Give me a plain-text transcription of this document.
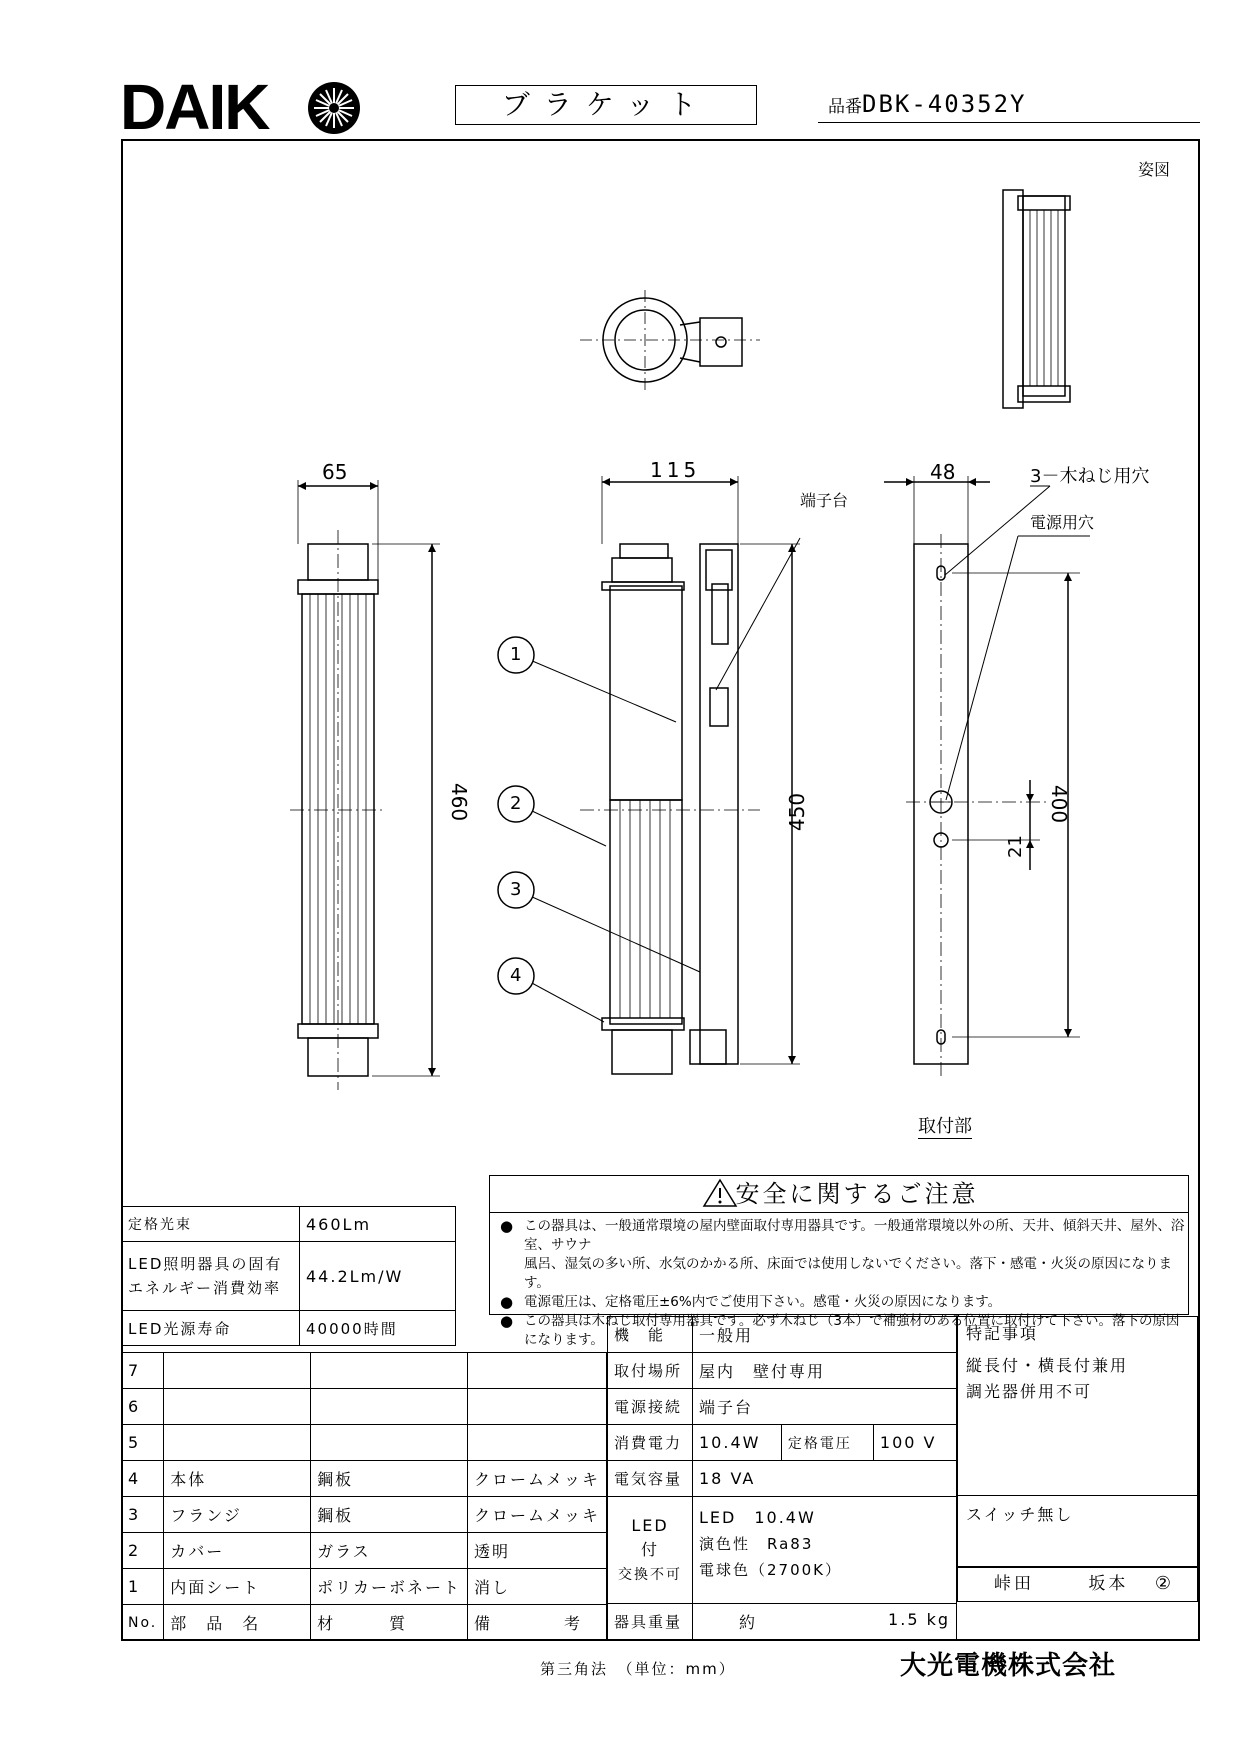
DAIK	ブラケット	品番DBK-40352Y
姿図
65
460
115
450
48
400
21
端子台
3－木ねじ用穴
電源用穴
取付部
1
2
3
4
安全に関するご注意
● この器具は、一般通常環境の屋内壁面取付専用器具です。一般通常環境以外の所、天井、傾斜天井、屋外、浴室、サウナ
風呂、湿気の多い所、水気のかかる所、床面では使用しないでください。落下・感電・火災の原因になります。
● 電源電圧は、定格電圧±6%内でご使用下さい。感電・火災の原因になります。
● この器具は木ねじ取付専用器具です。必ず木ねじ（3本）で補強材のある位置に取付けて下さい。落下の原因になります。
定格光束	460Lm
LED照明器具の固有
エネルギー消費効率	44.2Lm/W
LED光源寿命	40000時間
7			
6			
5			
4	本体	鋼板	クロームメッキ
3	フランジ	鋼板	クロームメッキ
2	カバー	ガラス	透明
1	内面シート	ポリカーボネート	消し
No.	部　品　名	材　　　質	備　　　　考
機　能	一般用		
取付場所	屋内　壁付専用		
電源接続	端子台		
消費電力	10.4W	定格電圧	100 V
電気容量	18 VA		
LED
付
交換不可	LED　10.4W
演色性　Ra83
電球色（2700K）		
器具重量	約 1.5 kg		
特記事項
縦長付・横長付兼用
調光器併用不可
スイッチ無し
峠田	坂本 ②
第三角法　（単位：mm）	大光電機株式会社
